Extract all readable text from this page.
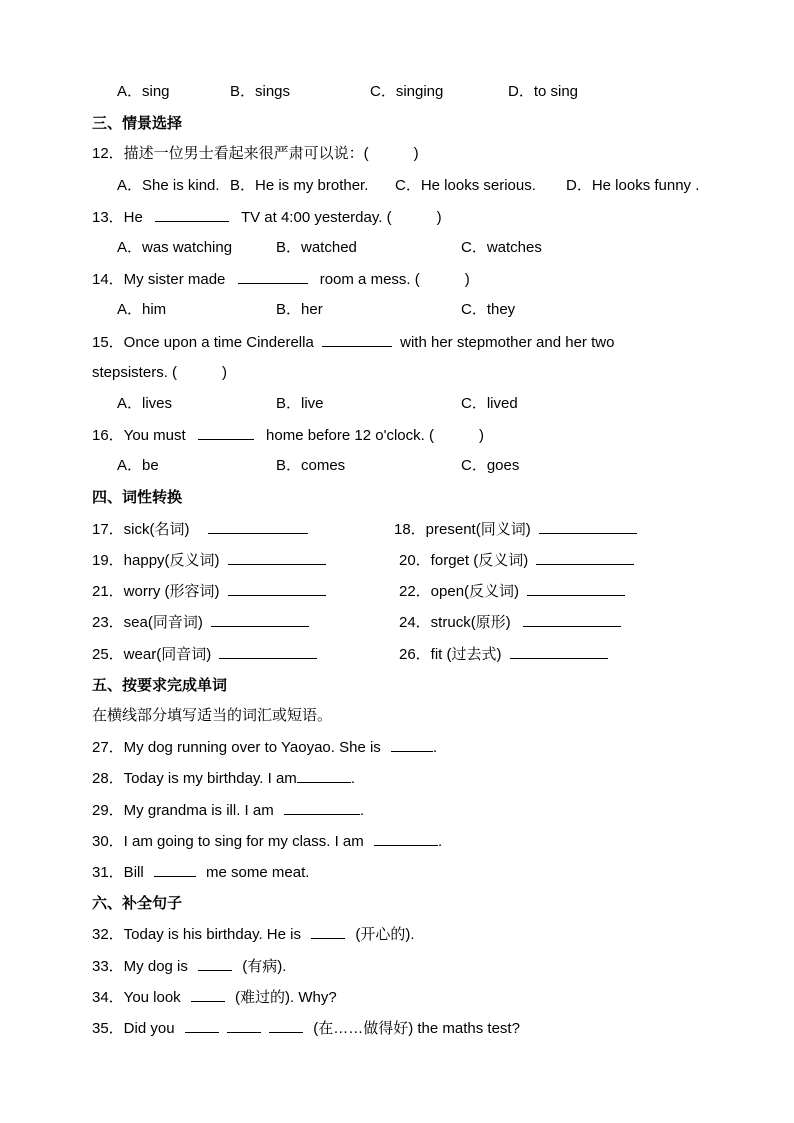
A．sing	B．sings	C．singing	D．to sing
三、情景选择
12．描述一位男士看起来很严肃可以说：(　　　)
A．She is kind. B．He is my brother. C．He looks serious. D．He looks funny .
13．He	TV at 4:00 yesterday. (　　　)
A．was watching	B．watched	C．watches
14．My sister made	room a mess. (　　　)
A．him	B．her	C．they
15．Once upon a time Cinderella	with her stepmother and her two
stepsisters. (　　　)
A．lives	B．live	C．lived
16．You must	home before 12 o'clock. (　　　)
A．be	B．comes	C．goes
四、词性转换
17．sick(名词)	18．present(同义词)
19．happy(反义词)	20．forget (反义词)
21．worry (形容词)	22．open(反义词)
23．sea(同音词)	24．struck(原形)
25．wear(同音词)	26．fit (过去式)
五、按要求完成单词
在横线部分填写适当的词汇或短语。
27．My dog running over to Yaoyao. She is	.
28．Today is my birthday. I am	.
29．My grandma is ill. I am	.
30．I am going to sing for my class. I am	.
31．Bill	me some meat.
六、补全句子
32．Today is his birthday. He is	(开心的).
33．My dog is	(有病).
34．You look	(难过的). Why?
35．Did you	(在……做得好) the maths test?
